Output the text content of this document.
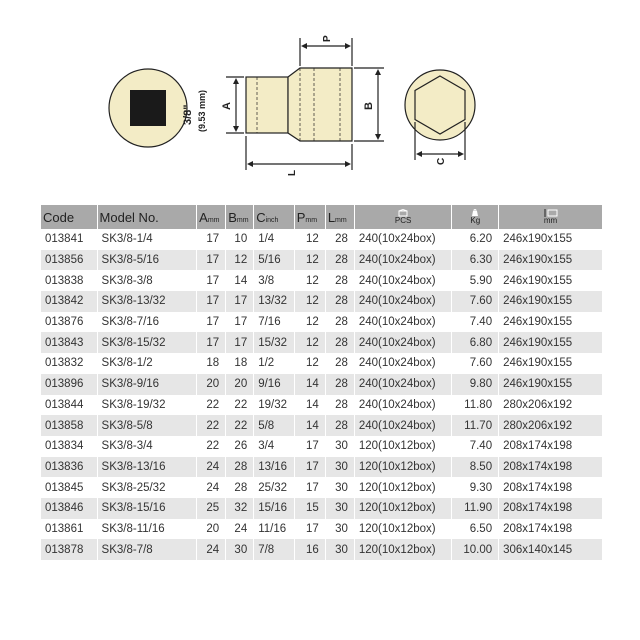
3/8" (9.53 mm) A	B
P
L
C
Code	Model No.	Amm	Bmm	Cinch	Pmm	Lmm	PCS	Kg	mm

013841	SK3/8-1/4	17	10	1/4	12	28	240(10x24box)	6.20	246x190x155
013856	SK3/8-5/16	17	12	5/16	12	28	240(10x24box)	6.30	246x190x155
013838	SK3/8-3/8	17	14	3/8	12	28	240(10x24box)	5.90	246x190x155
013842	SK3/8-13/32	17	17	13/32	12	28	240(10x24box)	7.60	246x190x155
013876	SK3/8-7/16	17	17	7/16	12	28	240(10x24box)	7.40	246x190x155
013843	SK3/8-15/32	17	17	15/32	12	28	240(10x24box)	6.80	246x190x155
013832	SK3/8-1/2	18	18	1/2	12	28	240(10x24box)	7.60	246x190x155
013896	SK3/8-9/16	20	20	9/16	14	28	240(10x24box)	9.80	246x190x155
013844	SK3/8-19/32	22	22	19/32	14	28	240(10x24box)	11.80	280x206x192
013858	SK3/8-5/8	22	22	5/8	14	28	240(10x24box)	11.70	280x206x192
013834	SK3/8-3/4	22	26	3/4	17	30	120(10x12box)	7.40	208x174x198
013836	SK3/8-13/16	24	28	13/16	17	30	120(10x12box)	8.50	208x174x198
013845	SK3/8-25/32	24	28	25/32	17	30	120(10x12box)	9.30	208x174x198
013846	SK3/8-15/16	25	32	15/16	15	30	120(10x12box)	11.90	208x174x198
013861	SK3/8-11/16	20	24	11/16	17	30	120(10x12box)	6.50	208x174x198
013878	SK3/8-7/8	24	30	7/8	16	30	120(10x12box)	10.00	306x140x145
